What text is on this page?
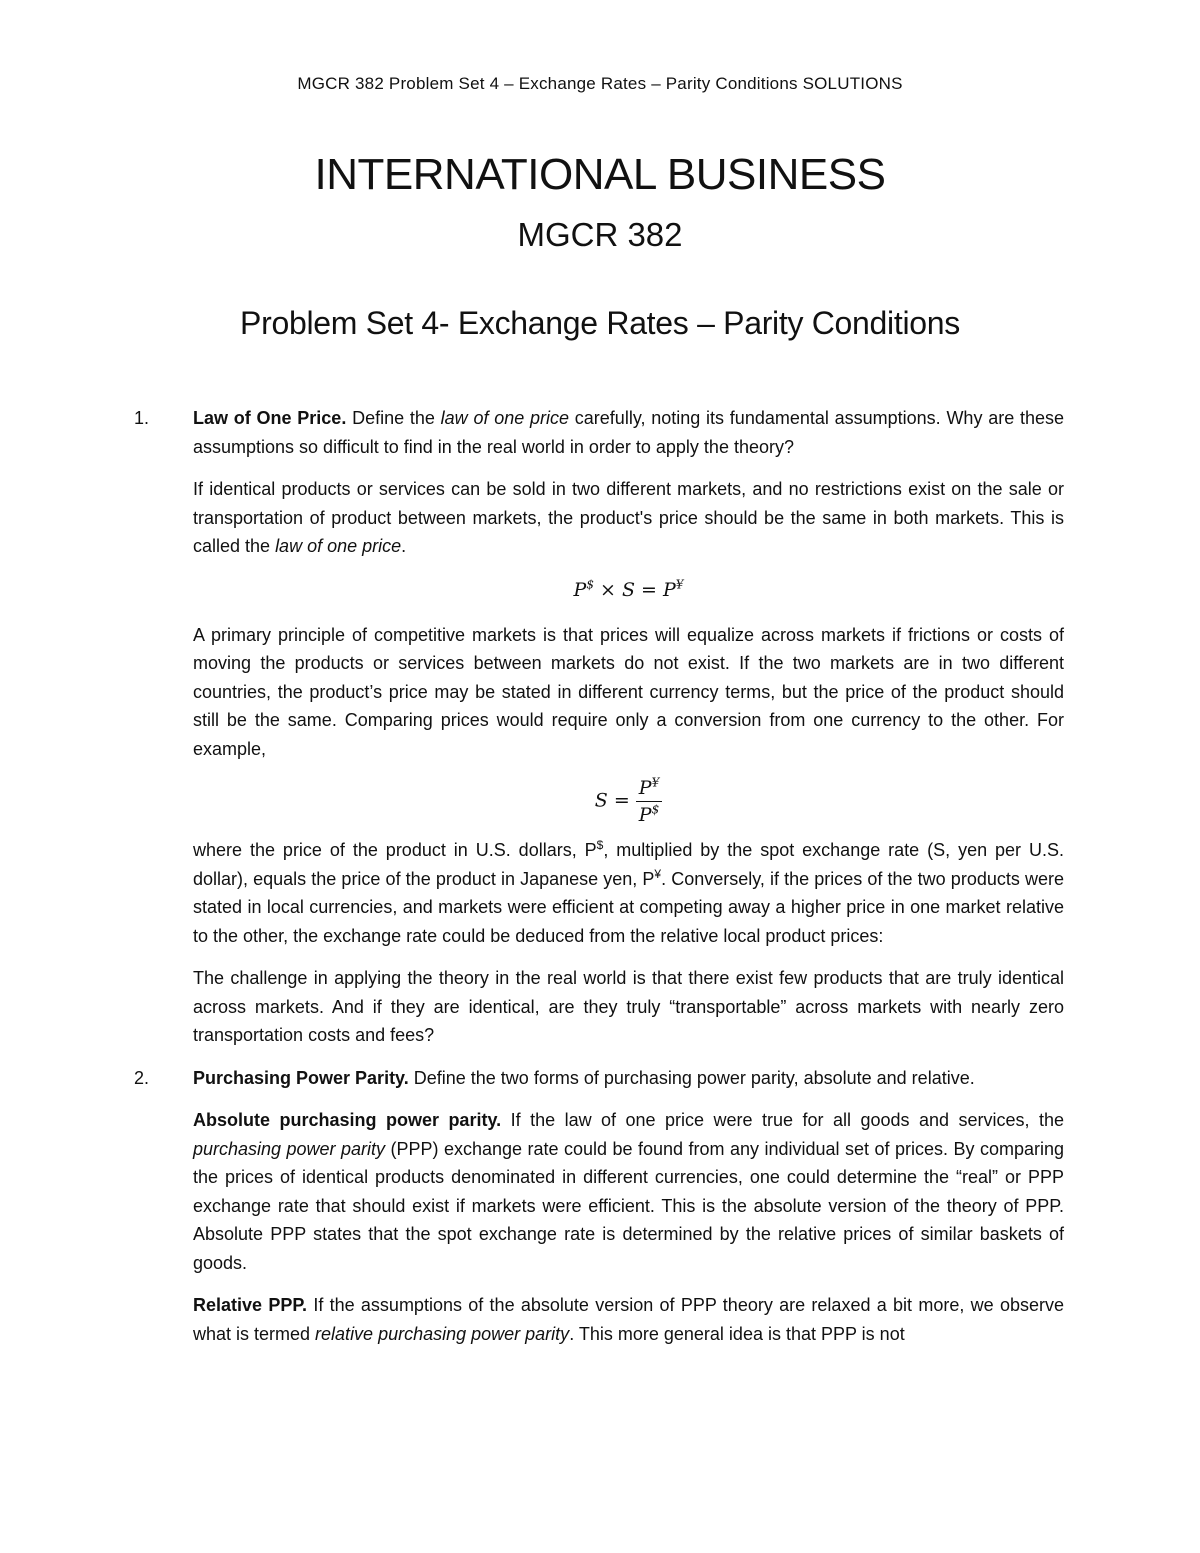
MGCR 382 Problem Set 4 – Exchange Rates – Parity Conditions SOLUTIONS
INTERNATIONAL BUSINESS
MGCR 382
Problem Set 4- Exchange Rates – Parity Conditions
1.	Law of One Price. Define the law of one price carefully, noting its fundamental assumptions. Why are these assumptions so difficult to find in the real world in order to apply the theory?

If identical products or services can be sold in two different markets, and no restrictions exist on the sale or transportation of product between markets, the product's price should be the same in both markets. This is called the law of one price.

P$ × S = P¥

A primary principle of competitive markets is that prices will equalize across markets if frictions or costs of moving the products or services between markets do not exist. If the two markets are in two different countries, the product’s price may be stated in different currency terms, but the price of the product should still be the same. Comparing prices would require only a conversion from one currency to the other. For example,

$S = \frac{P^¥}{P^{\$}}$

where the price of the product in U.S. dollars, P$, multiplied by the spot exchange rate (S, yen per U.S. dollar), equals the price of the product in Japanese yen, P¥. Conversely, if the prices of the two products were stated in local currencies, and markets were efficient at competing away a higher price in one market relative to the other, the exchange rate could be deduced from the relative local product prices:

The challenge in applying the theory in the real world is that there exist few products that are truly identical across markets. And if they are identical, are they truly “transportable” across markets with nearly zero transportation costs and fees?

2.	Purchasing Power Parity. Define the two forms of purchasing power parity, absolute and relative.

Absolute purchasing power parity. If the law of one price were true for all goods and services, the purchasing power parity (PPP) exchange rate could be found from any individual set of prices. By comparing the prices of identical products denominated in different currencies, one could determine the “real” or PPP exchange rate that should exist if markets were efficient. This is the absolute version of the theory of PPP. Absolute PPP states that the spot exchange rate is determined by the relative prices of similar baskets of goods.

Relative PPP. If the assumptions of the absolute version of PPP theory are relaxed a bit more, we observe what is termed relative purchasing power parity. This more general idea is that PPP is not
